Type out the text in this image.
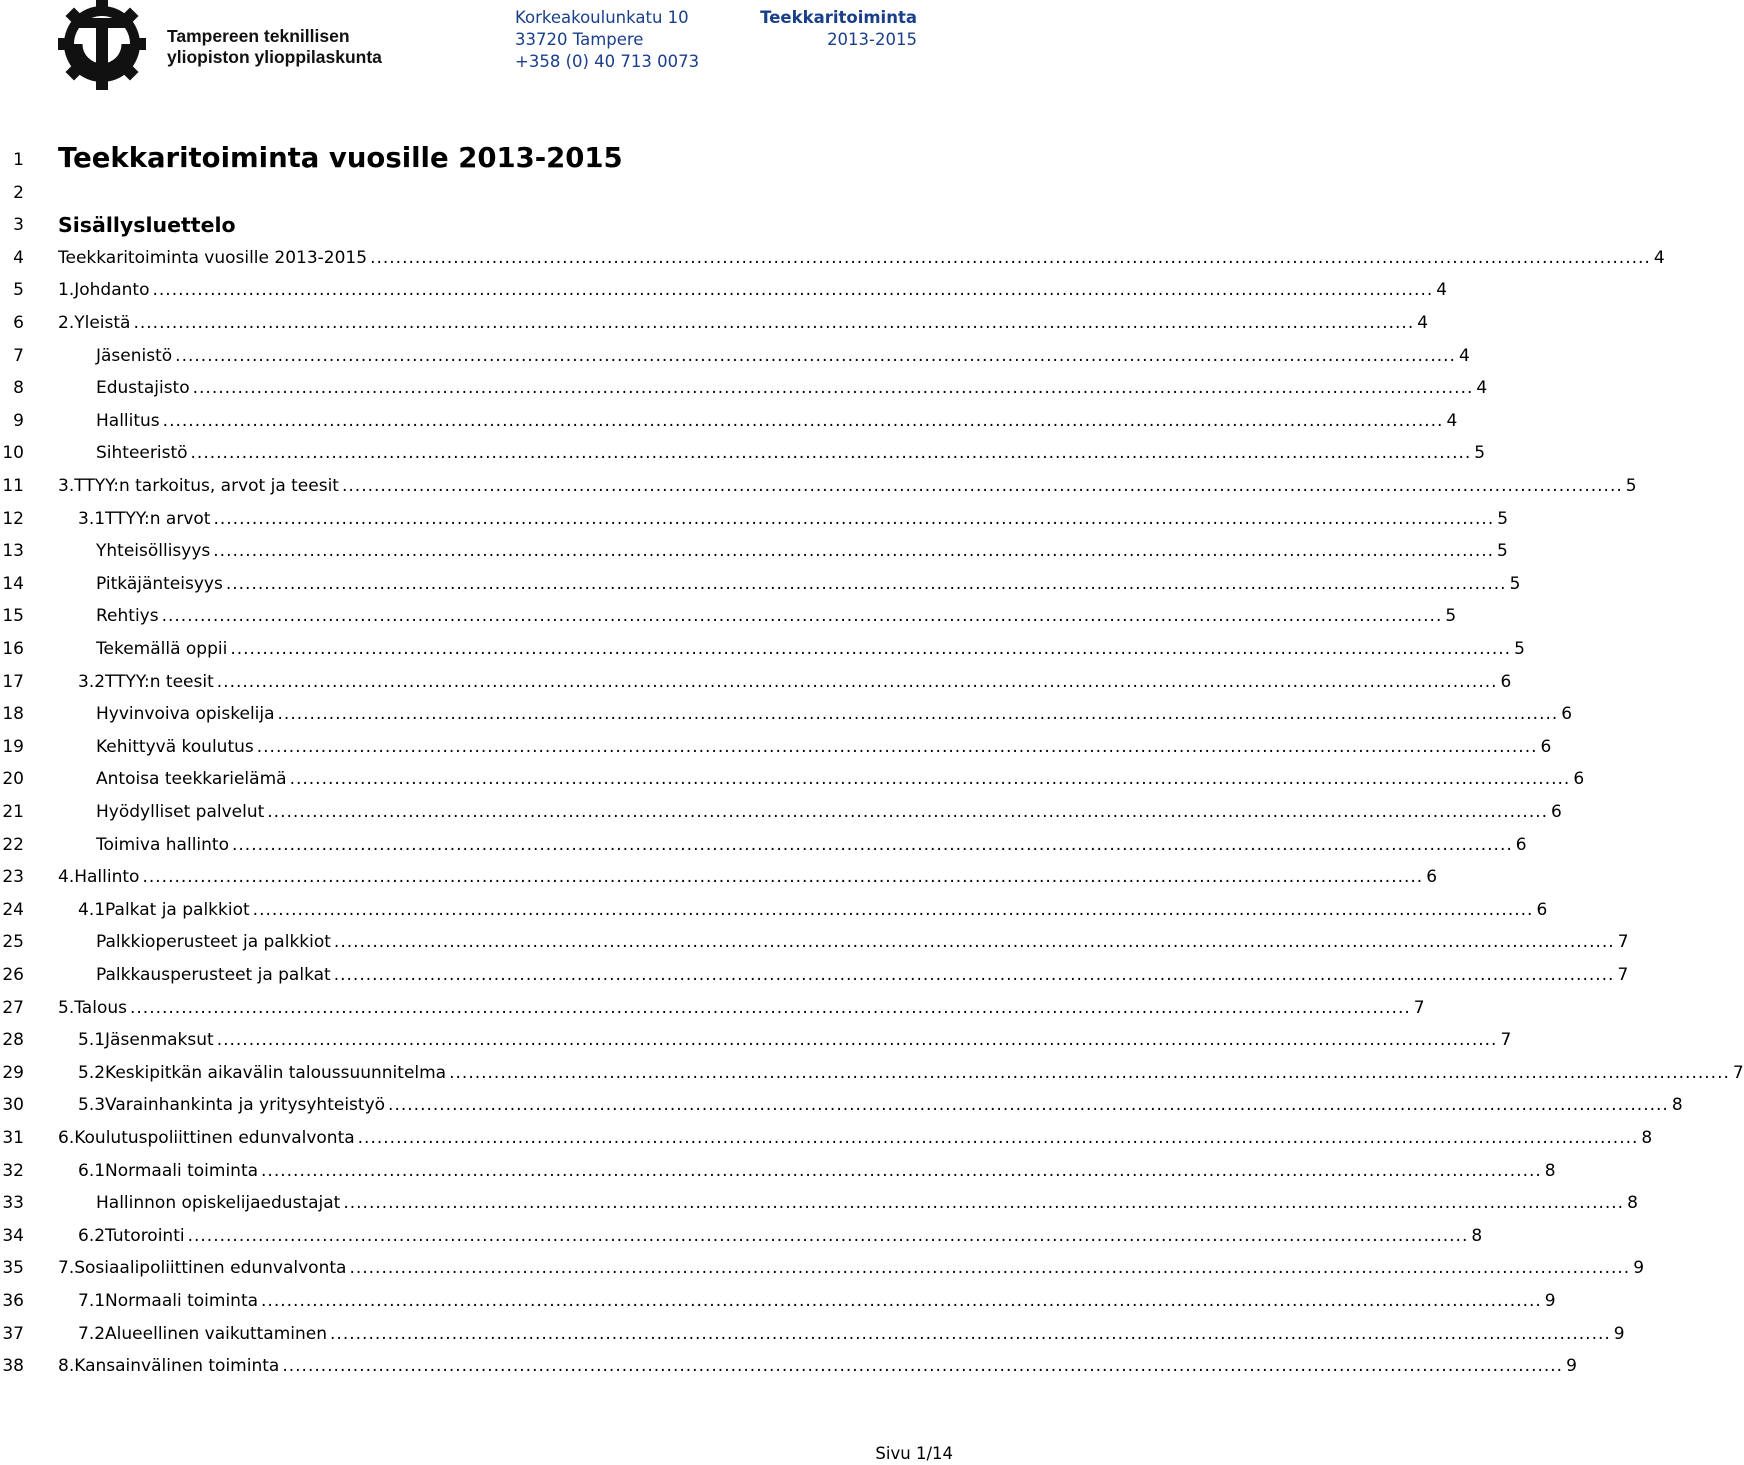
Tampereen teknillisen
yliopiston ylioppilaskunta
Korkeakoulunkatu 10
33720 Tampere
+358 (0) 40 713 0073
Teekkaritoiminta
2013-2015
1 Teekkaritoiminta vuosille 2013-2015
2
3 Sisällysluettelo
4 Teekkaritoiminta vuosille 2013-2015 ........................................................................................................................................................................................................ 4
5 1. Johdanto ........................................................................................................................................................................................................ 4
6 2. Yleistä ........................................................................................................................................................................................................ 4
7	Jäsenistö ........................................................................................................................................................................................................ 4
8	Edustajisto ........................................................................................................................................................................................................ 4
9	Hallitus ........................................................................................................................................................................................................ 4
10	Sihteeristö ........................................................................................................................................................................................................ 5
11 3. TTYY:n tarkoitus, arvot ja teesit ........................................................................................................................................................................................................ 5
12	3.1 TTYY:n arvot ........................................................................................................................................................................................................ 5
13	Yhteisöllisyys ........................................................................................................................................................................................................ 5
14	Pitkäjänteisyys ........................................................................................................................................................................................................ 5
15	Rehtiys ........................................................................................................................................................................................................ 5
16	Tekemällä oppii ........................................................................................................................................................................................................ 5
17	3.2 TTYY:n teesit ........................................................................................................................................................................................................ 6
18	Hyvinvoiva opiskelija ........................................................................................................................................................................................................ 6
19	Kehittyvä koulutus ........................................................................................................................................................................................................ 6
20	Antoisa teekkarielämä ........................................................................................................................................................................................................ 6
21	Hyödylliset palvelut ........................................................................................................................................................................................................ 6
22	Toimiva hallinto ........................................................................................................................................................................................................ 6
23 4. Hallinto ........................................................................................................................................................................................................ 6
24	4.1 Palkat ja palkkiot ........................................................................................................................................................................................................ 6
25	Palkkioperusteet ja palkkiot ........................................................................................................................................................................................................ 7
26	Palkkausperusteet ja palkat ........................................................................................................................................................................................................ 7
27 5. Talous ........................................................................................................................................................................................................ 7
28	5.1 Jäsenmaksut ........................................................................................................................................................................................................ 7
29	5.2 Keskipitkän aikavälin taloussuunnitelma ........................................................................................................................................................................................................ 7
30	5.3 Varainhankinta ja yritysyhteistyö ........................................................................................................................................................................................................ 8
31 6. Koulutuspoliittinen edunvalvonta ........................................................................................................................................................................................................ 8
32	6.1 Normaali toiminta ........................................................................................................................................................................................................ 8
33	Hallinnon opiskelijaedustajat ........................................................................................................................................................................................................ 8
34	6.2 Tutorointi ........................................................................................................................................................................................................ 8
35 7. Sosiaalipoliittinen edunvalvonta ........................................................................................................................................................................................................ 9
36	7.1 Normaali toiminta ........................................................................................................................................................................................................ 9
37	7.2 Alueellinen vaikuttaminen ........................................................................................................................................................................................................ 9
38 8. Kansainvälinen toiminta ........................................................................................................................................................................................................ 9
Sivu 1/14
